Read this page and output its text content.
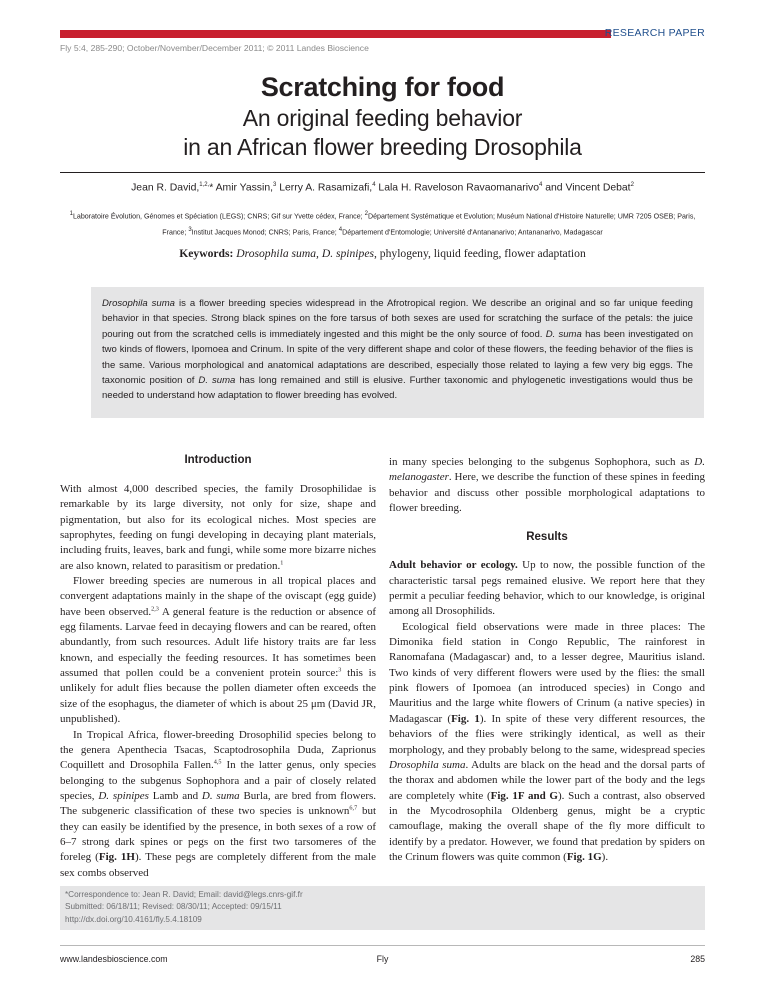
RESEARCH PAPER
Fly 5:4, 285-290; October/November/December 2011; © 2011 Landes Bioscience
Scratching for food
An original feeding behavior
in an African flower breeding Drosophila
Jean R. David,$^{1,2,}$* Amir Yassin,$^3$ Lerry A. Rasamizafi,$^4$ Lala H. Raveloson Ravaomanarivo$^4$ and Vincent Debat$^2$
$^1$Laboratoire Évolution, Génomes et Spéciation (LEGS); CNRS; Gif sur Yvette cédex, France; $^2$Département Systématique et Evolution; Muséum National d'Histoire Naturelle; UMR 7205 OSEB; Paris, France; $^3$Institut Jacques Monod; CNRS; Paris, France; $^4$Département d'Entomologie; Université d'Antananarivo; Antananarivo, Madagascar
Keywords: Drosophila suma, D. spinipes, phylogeny, liquid feeding, flower adaptation
Drosophila suma is a flower breeding species widespread in the Afrotropical region. We describe an original and so far unique feeding behavior in that species. Strong black spines on the fore tarsus of both sexes are used for scratching the surface of the petals: the juice pouring out from the scratched cells is immediately ingested and this might be the only source of food. D. suma has been investigated on two kinds of flowers, Ipomoea and Crinum. In spite of the very different shape and color of these flowers, the feeding behavior of the flies is the same. Various morphological and anatomical adaptations are described, especially those related to laying a few very big eggs. The taxonomic position of D. suma has long remained and still is elusive. Further taxonomic and phylogenetic investigations would thus be needed to understand how adaptation to flower breeding has evolved.
Introduction

With almost 4,000 described species, the family Drosophilidae is remarkable by its large diversity, not only for size, shape and pigmentation, but also for its ecological niches. Most species are saprophytes, feeding on fungi developing in decaying plant materials, including fruits, leaves, bark and fungi, while some more bizarre niches are also known, related to parasitism or predation.$^1$

Flower breeding species are numerous in all tropical places and convergent adaptations mainly in the shape of the oviscapt (egg guide) have been observed.$^{2,3}$ A general feature is the reduction or absence of egg filaments. Larvae feed in decaying flowers and can be reared, often abundantly, from such resources. Adult life history traits are far less known, and especially the feeding resources. It has sometimes been assumed that pollen could be a convenient protein source:$^3$ this is unlikely for adult flies because the pollen diameter often exceeds the size of the esophagus, the diameter of which is about 25 μm (David JR, unpublished).

In Tropical Africa, flower-breeding Drosophilid species belong to the genera Apenthecia Tsacas, Scaptodrosophila Duda, Zaprionus Coquillett and Drosophila Fallen.$^{4,5}$ In the latter genus, only species belonging to the subgenus Sophophora and a pair of closely related species, D. spinipes Lamb and D. suma Burla, are bred from flowers. The subgeneric classification of these two species is unknown$^{6,7}$ but they can easily be identified by the presence, in both sexes of a row of 6–7 strong dark spines or pegs on the first two tarsomeres of the foreleg (Fig. 1H). These pegs are completely different from the male sex combs observed

in many species belonging to the subgenus Sophophora, such as D. melanogaster. Here, we describe the function of these spines in feeding behavior and discuss other possible morphological adaptations to flower breeding.

Results

Adult behavior or ecology. Up to now, the possible function of the characteristic tarsal pegs remained elusive. We report here that they permit a peculiar feeding behavior, which to our knowledge, is original among all Drosophilids.

Ecological field observations were made in three places: The Dimonika field station in Congo Republic, The rainforest in Ranomafana (Madagascar) and, to a lesser degree, Mauritius island. Two kinds of very different flowers were used by the flies: the small pink flowers of Ipomoea (an introduced species) in Congo and Mauritius and the large white flowers of Crinum (a native species) in Madagascar (Fig. 1). In spite of these very different resources, the behaviors of the flies were strikingly identical, as well as their morphology, and they probably belong to the same, widespread species Drosophila suma. Adults are black on the head and the dorsal parts of the thorax and abdomen while the lower part of the body and the legs are completely white (Fig. 1F and G). Such a contrast, also observed in the Mycodrosophila Oldenberg genus, might be a cryptic camouflage, making the overall shape of the fly more difficult to identify by a predator. However, we found that predation by spiders on the Crinum flowers was quite common (Fig. 1G).

*Correspondence to: Jean R. David; Email: david@legs.cnrs-gif.fr
Submitted: 06/18/11; Revised: 08/30/11; Accepted: 09/15/11
http://dx.doi.org/10.4161/fly.5.4.18109
www.landesbioscience.com	Fly	285
